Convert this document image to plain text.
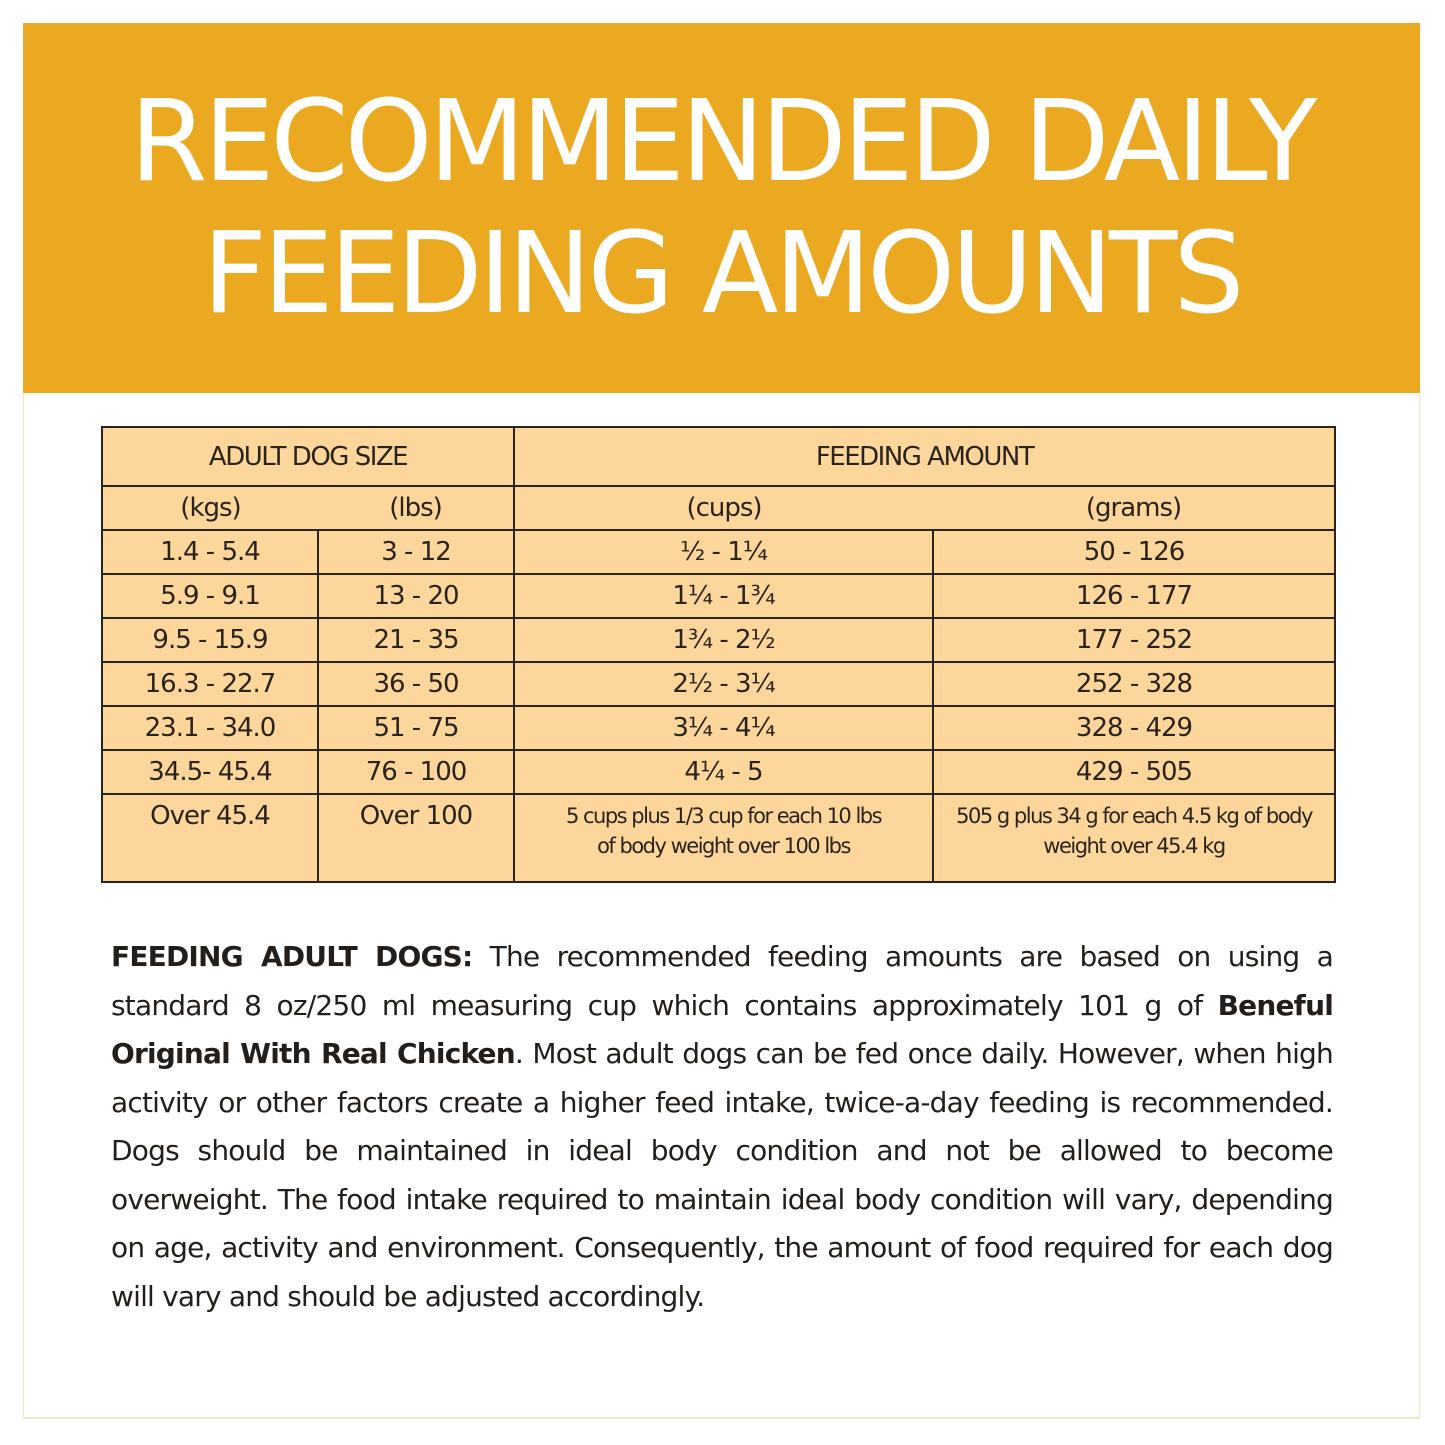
RECOMMENDED DAILY
FEEDING AMOUNTS
ADULT DOG SIZE		FEEDING AMOUNT	
(kgs)	(lbs)	(cups)	(grams)
1.4 - 5.4	3 - 12	½ - 1¼	50 - 126
5.9 - 9.1	13 - 20	1¼ - 1¾	126 - 177
9.5 - 15.9	21 - 35	1¾ - 2½	177 - 252
16.3 - 22.7	36 - 50	2½ - 3¼	252 - 328
23.1 - 34.0	51 - 75	3¼ - 4¼	328 - 429
34.5- 45.4	76 - 100	4¼ - 5	429 - 505
Over 45.4	Over 100	5 cups plus 1/3 cup for each 10 lbs of body weight over 100 lbs	505 g plus 34 g for each 4.5 kg of body weight over 45.4 kg

FEEDING ADULT DOGS: The recommended feeding amounts are based on using a standard 8 oz/250 ml measuring cup which contains approximately 101 g of Beneful Original With Real Chicken. Most adult dogs can be fed once daily. However, when high activity or other factors create a higher feed intake, twice-a-day feeding is recommended. Dogs should be maintained in ideal body condition and not be allowed to become overweight. The food intake required to maintain ideal body condition will vary, depending on age, activity and environment. Consequently, the amount of food required for each dog will vary and should be adjusted accordingly.
